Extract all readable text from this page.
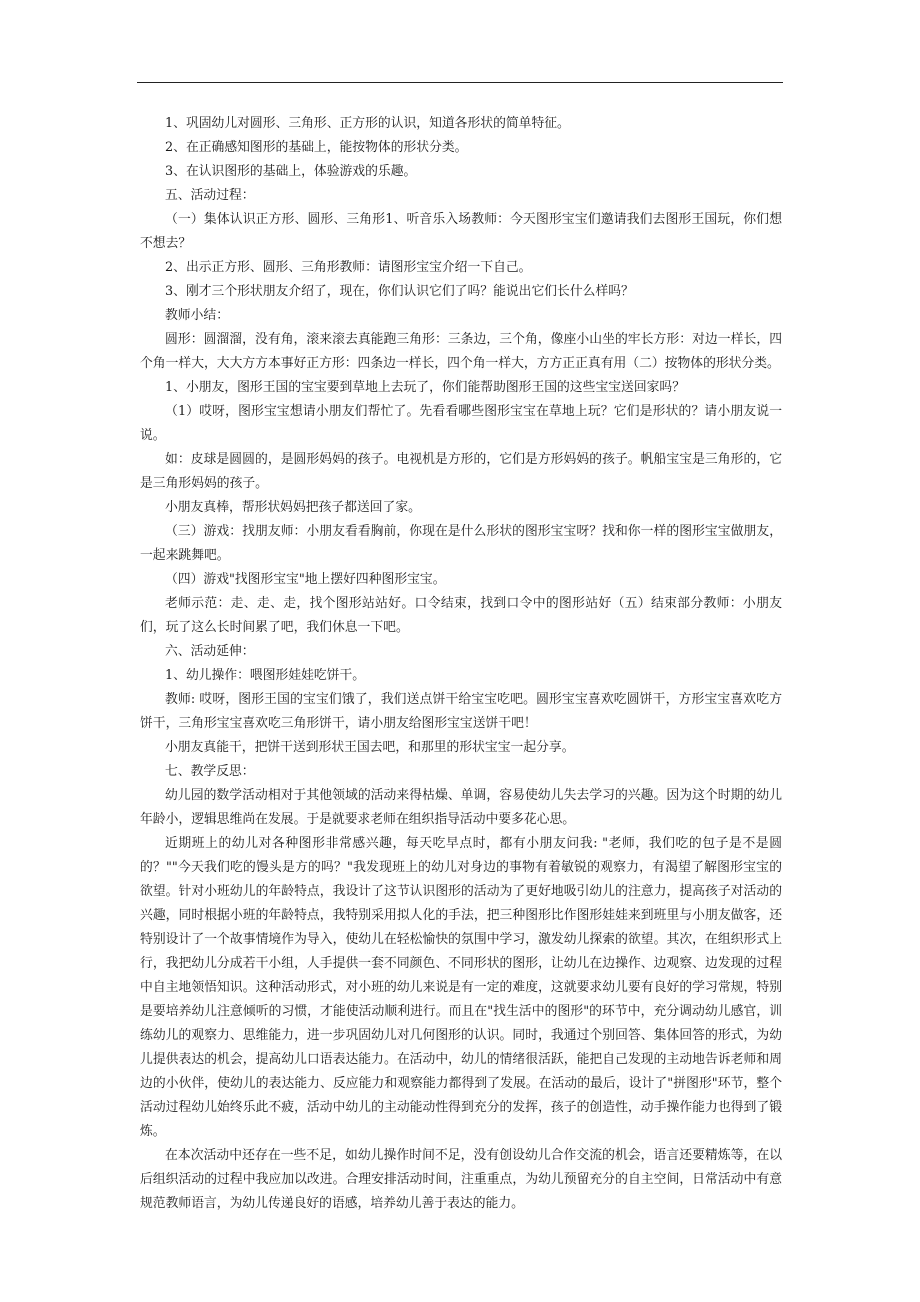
1、巩固幼儿对圆形、三角形、正方形的认识，知道各形状的简单特征。

2、在正确感知图形的基础上，能按物体的形状分类。

3、在认识图形的基础上，体验游戏的乐趣。

五、活动过程：

（一）集体认识正方形、圆形、三角形1、听音乐入场教师：今天图形宝宝们邀请我们去图形王国玩，你们想不想去？

2、出示正方形、圆形、三角形教师：请图形宝宝介绍一下自己。

3、刚才三个形状朋友介绍了，现在，你们认识它们了吗？能说出它们长什么样吗？

教师小结：

圆形：圆溜溜，没有角，滚来滚去真能跑三角形：三条边，三个角，像座小山坐的牢长方形：对边一样长，四个角一样大，大大方方本事好正方形：四条边一样长，四个角一样大，方方正正真有用（二）按物体的形状分类。

1、小朋友，图形王国的宝宝要到草地上去玩了，你们能帮助图形王国的这些宝宝送回家吗？

（1）哎呀，图形宝宝想请小朋友们帮忙了。先看看哪些图形宝宝在草地上玩？它们是形状的？请小朋友说一说。

如：皮球是圆圆的，是圆形妈妈的孩子。电视机是方形的，它们是方形妈妈的孩子。帆船宝宝是三角形的，它是三角形妈妈的孩子。

小朋友真棒，帮形状妈妈把孩子都送回了家。

（三）游戏：找朋友师：小朋友看看胸前，你现在是什么形状的图形宝宝呀？找和你一样的图形宝宝做朋友，一起来跳舞吧。

（四）游戏"找图形宝宝"地上摆好四种图形宝宝。

老师示范：走、走、走，找个图形站站好。口令结束，找到口令中的图形站好（五）结束部分教师：小朋友们，玩了这么长时间累了吧，我们休息一下吧。

六、活动延伸：

1、幼儿操作：喂图形娃娃吃饼干。

教师: 哎呀，图形王国的宝宝们饿了，我们送点饼干给宝宝吃吧。圆形宝宝喜欢吃圆饼干，方形宝宝喜欢吃方饼干，三角形宝宝喜欢吃三角形饼干，请小朋友给图形宝宝送饼干吧！

小朋友真能干，把饼干送到形状王国去吧，和那里的形状宝宝一起分享。

七、教学反思：

幼儿园的数学活动相对于其他领域的活动来得枯燥、单调，容易使幼儿失去学习的兴趣。因为这个时期的幼儿年龄小，逻辑思维尚在发展。于是就要求老师在组织指导活动中要多花心思。

近期班上的幼儿对各种图形非常感兴趣，每天吃早点时，都有小朋友问我: "老师，我们吃的包子是不是圆的？""今天我们吃的馒头是方的吗？"我发现班上的幼儿对身边的事物有着敏锐的观察力，有渴望了解图形宝宝的欲望。针对小班幼儿的年龄特点，我设计了这节认识图形的活动为了更好地吸引幼儿的注意力，提高孩子对活动的兴趣，同时根据小班的年龄特点，我特别采用拟人化的手法，把三种图形比作图形娃娃来到班里与小朋友做客，还特别设计了一个故事情境作为导入，使幼儿在轻松愉快的氛围中学习，激发幼儿探索的欲望。其次，在组织形式上行，我把幼儿分成若干小组，人手提供一套不同颜色、不同形状的图形，让幼儿在边操作、边观察、边发现的过程中自主地领悟知识。这种活动形式，对小班的幼儿来说是有一定的难度，这就要求幼儿要有良好的学习常规，特别是要培养幼儿注意倾听的习惯，才能使活动顺利进行。而且在"找生活中的图形"的环节中，充分调动幼儿感官，训练幼儿的观察力、思维能力，进一步巩固幼儿对几何图形的认识。同时，我通过个别回答、集体回答的形式，为幼儿提供表达的机会，提高幼儿口语表达能力。在活动中，幼儿的情绪很活跃，能把自己发现的主动地告诉老师和周边的小伙伴，使幼儿的表达能力、反应能力和观察能力都得到了发展。在活动的最后，设计了"拼图形"环节，整个活动过程幼儿始终乐此不疲，活动中幼儿的主动能动性得到充分的发挥，孩子的创造性，动手操作能力也得到了锻炼。

在本次活动中还存在一些不足，如幼儿操作时间不足，没有创设幼儿合作交流的机会，语言还要精炼等，在以后组织活动的过程中我应加以改进。合理安排活动时间，注重重点，为幼儿预留充分的自主空间，日常活动中有意规范教师语言，为幼儿传递良好的语感，培养幼儿善于表达的能力。
